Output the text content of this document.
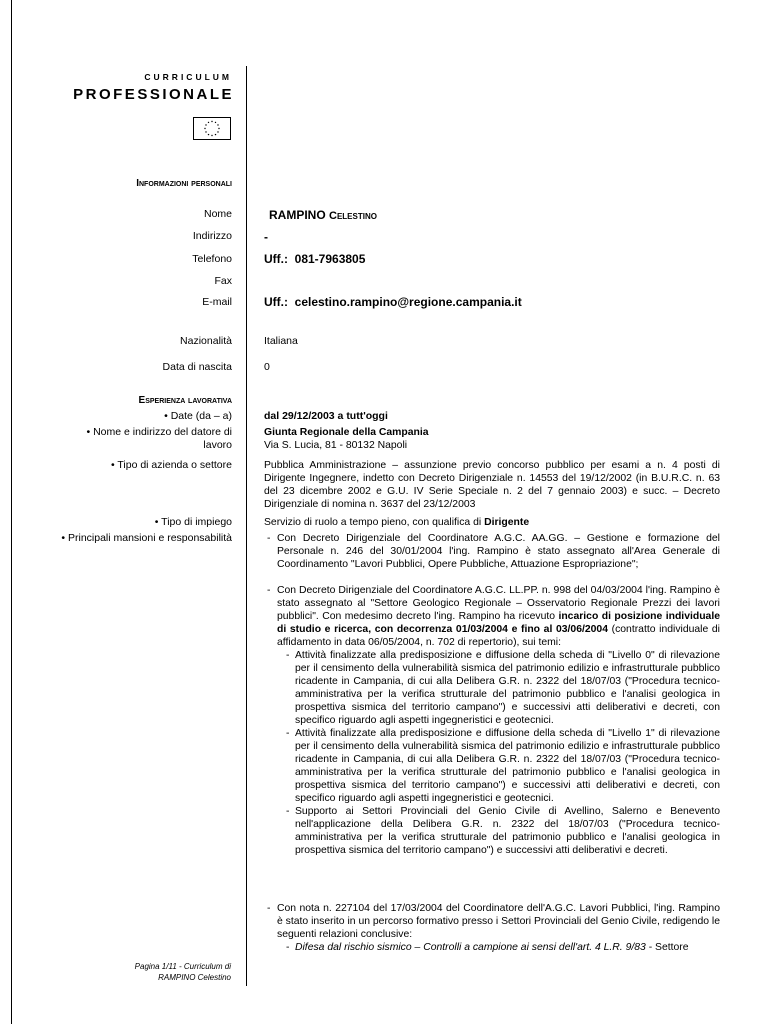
CURRICULUM
PROFESSIONALE
Informazioni personali
Nome	RAMPINO Celestino
Indirizzo	-
Telefono	Uff.:  081-7963805
Fax
E-mail	Uff.:  celestino.rampino@regione.campania.it
Nazionalità	Italiana
Data di nascita	0
Esperienza lavorativa
• Date (da – a)	dal 29/12/2003 a tutt'oggi
• Nome e indirizzo del datore di
lavoro
Giunta Regionale della Campania
Via S. Lucia, 81 - 80132 Napoli
• Tipo di azienda o settore	Pubblica Amministrazione – assunzione previo concorso pubblico per esami a n. 4 posti di Dirigente Ingegnere, indetto con Decreto Dirigenziale n. 14553 del 19/12/2002 (in B.U.R.C. n. 63 del 23 dicembre 2002 e G.U. IV Serie Speciale n. 2 del 7 gennaio 2003) e succ. – Decreto Dirigenziale di nomina n. 3637 del 23/12/2003
• Tipo di impiego	Servizio di ruolo a tempo pieno, con qualifica di Dirigente
• Principali mansioni e responsabilità
-	Con Decreto Dirigenziale del Coordinatore A.G.C. AA.GG. – Gestione e formazione del Personale n. 246 del 30/01/2004 l'ing. Rampino è stato assegnato all'Area Generale di Coordinamento "Lavori Pubblici, Opere Pubbliche, Attuazione Espropriazione";
- Con Decreto Dirigenziale del Coordinatore A.G.C. LL.PP. n. 998 del 04/03/2004 l'ing. Rampino è stato assegnato al "Settore Geologico Regionale – Osservatorio Regionale Prezzi dei lavori pubblici". Con medesimo decreto l'ing. Rampino ha ricevuto incarico di posizione individuale di studio e ricerca, con decorrenza 01/03/2004 e fino al 03/06/2004 (contratto individuale di affidamento in data 06/05/2004, n. 702 di repertorio), sui temi:
- Attività finalizzate alla predisposizione e diffusione della scheda di "Livello 0" di rilevazione per il censimento della vulnerabilità sismica del patrimonio edilizio e infrastrutturale pubblico ricadente in Campania, di cui alla Delibera G.R. n. 2322 del 18/07/03 ("Procedura tecnico-amministrativa per la verifica strutturale del patrimonio pubblico e l'analisi geologica in prospettiva sismica del territorio campano") e successivi atti deliberativi e decreti, con specifico riguardo agli aspetti ingegneristici e geotecnici.
- Attività finalizzate alla predisposizione e diffusione della scheda di "Livello 1" di rilevazione per il censimento della vulnerabilità sismica del patrimonio edilizio e infrastrutturale pubblico ricadente in Campania, di cui alla Delibera G.R. n. 2322 del 18/07/03 ("Procedura tecnico-amministrativa per la verifica strutturale del patrimonio pubblico e l'analisi geologica in prospettiva sismica del territorio campano") e successivi atti deliberativi e decreti, con specifico riguardo agli aspetti ingegneristici e geotecnici.
- Supporto ai Settori Provinciali del Genio Civile di Avellino, Salerno e Benevento nell'applicazione della Delibera G.R. n. 2322 del 18/07/03 ("Procedura tecnico-amministrativa per la verifica strutturale del patrimonio pubblico e l'analisi geologica in prospettiva sismica del territorio campano") e successivi atti deliberativi e decreti.
- Con nota n. 227104 del 17/03/2004 del Coordinatore dell'A.G.C. Lavori Pubblici, l'ing. Rampino è stato inserito in un percorso formativo presso i Settori Provinciali del Genio Civile, redigendo le seguenti relazioni conclusive:
- Difesa dal rischio sismico – Controlli a campione ai sensi dell'art. 4 L.R. 9/83 - Settore
Pagina 1/11 - Curriculum di
RAMPINO Celestino
